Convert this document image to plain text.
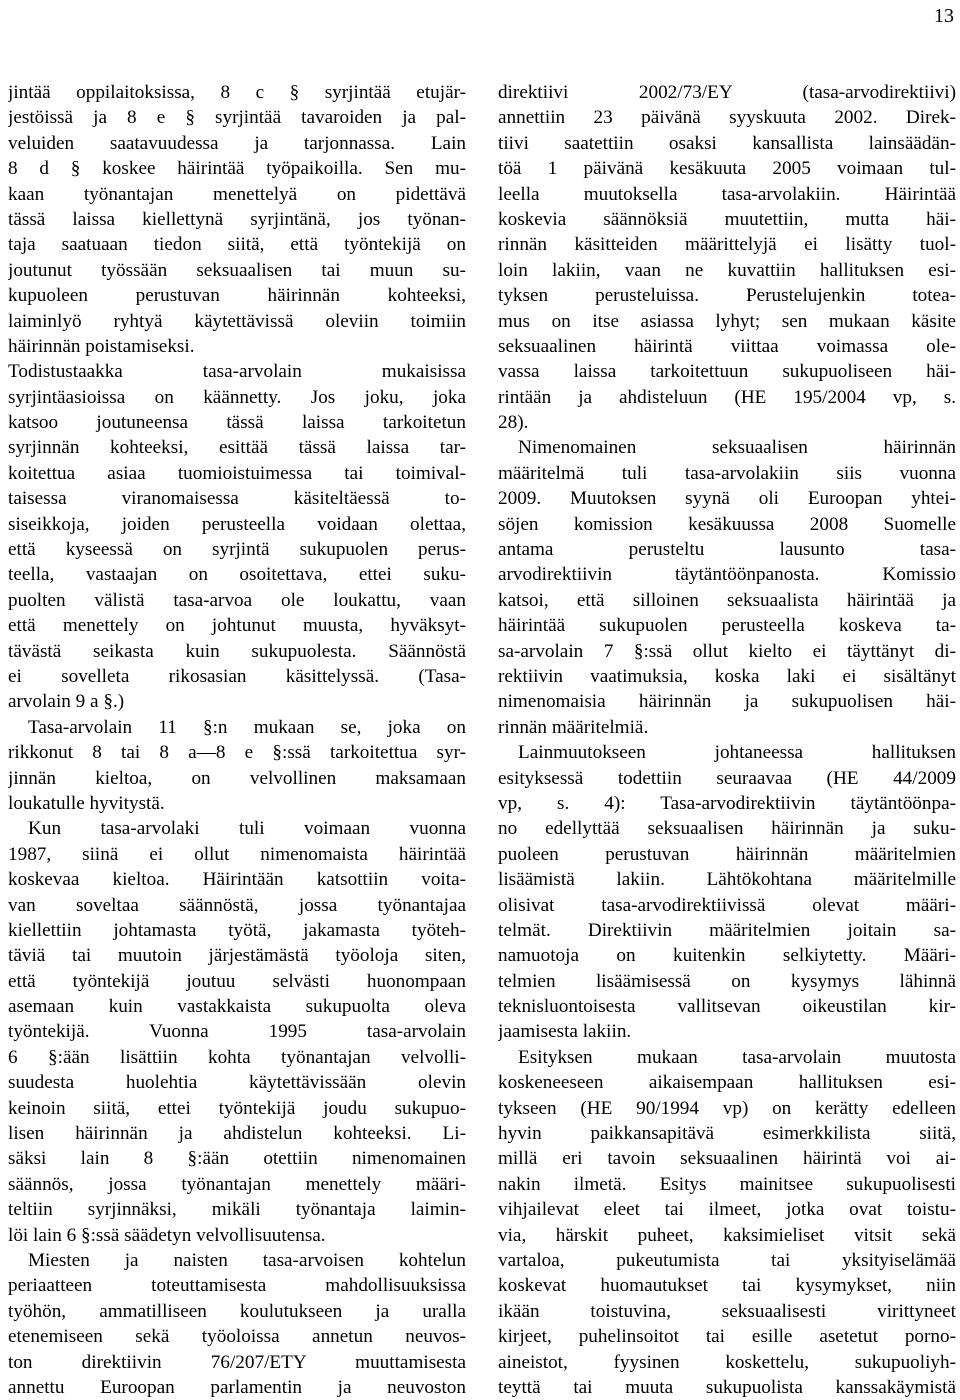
13
jintää oppilaitoksissa, 8 c § syrjintää etujär-
jestöissä ja 8 e § syrjintää tavaroiden ja pal-
veluiden saatavuudessa ja tarjonnassa. Lain
8 d § koskee häirintää työpaikoilla. Sen mu-
kaan työnantajan menettelyä on pidettävä
tässä laissa kiellettynä syrjintänä, jos työnan-
taja saatuaan tiedon siitä, että työntekijä on
joutunut työssään seksuaalisen tai muun su-
kupuoleen perustuvan häirinnän kohteeksi,
laiminlyö ryhtyä käytettävissä oleviin toimiin
häirinnän poistamiseksi.
Todistustaakka tasa-arvolain mukaisissa
syrjintäasioissa on käännetty. Jos joku, joka
katsoo joutuneensa tässä laissa tarkoitetun
syrjinnän kohteeksi, esittää tässä laissa tar-
koitettua asiaa tuomioistuimessa tai toimival-
taisessa viranomaisessa käsiteltäessä to-
siseikkoja, joiden perusteella voidaan olettaa,
että kyseessä on syrjintä sukupuolen perus-
teella, vastaajan on osoitettava, ettei suku-
puolten välistä tasa-arvoa ole loukattu, vaan
että menettely on johtunut muusta, hyväksyt-
tävästä seikasta kuin sukupuolesta. Säännöstä
ei sovelleta rikosasian käsittelyssä. (Tasa-
arvolain 9 a §.)
Tasa-arvolain 11 §:n mukaan se, joka on
rikkonut 8 tai 8 a—8 e §:ssä tarkoitettua syr-
jinnän kieltoa, on velvollinen maksamaan
loukatulle hyvitystä.
Kun tasa-arvolaki tuli voimaan vuonna
1987, siinä ei ollut nimenomaista häirintää
koskevaa kieltoa. Häirintään katsottiin voita-
van soveltaa säännöstä, jossa työnantajaa
kiellettiin johtamasta työtä, jakamasta työteh-
täviä tai muutoin järjestämästä työoloja siten,
että työntekijä joutuu selvästi huonompaan
asemaan kuin vastakkaista sukupuolta oleva
työntekijä. Vuonna 1995 tasa-arvolain
6 §:ään lisättiin kohta työnantajan velvolli-
suudesta huolehtia käytettävissään olevin
keinoin siitä, ettei työntekijä joudu sukupuo-
lisen häirinnän ja ahdistelun kohteeksi. Li-
säksi lain 8 §:ään otettiin nimenomainen
säännös, jossa työnantajan menettely määri-
teltiin syrjinnäksi, mikäli työnantaja laimin-
löi lain 6 §:ssä säädetyn velvollisuutensa.
Miesten ja naisten tasa-arvoisen kohtelun
periaatteen toteuttamisesta mahdollisuuksissa
työhön, ammatilliseen koulutukseen ja uralla
etenemiseen sekä työoloissa annetun neuvos-
ton direktiivin 76/207/ETY muuttamisesta
annettu Euroopan parlamentin ja neuvoston
direktiivi 2002/73/EY (tasa-arvodirektiivi)
annettiin 23 päivänä syyskuuta 2002. Direk-
tiivi saatettiin osaksi kansallista lainsäädän-
töä 1 päivänä kesäkuuta 2005 voimaan tul-
leella muutoksella tasa-arvolakiin. Häirintää
koskevia säännöksiä muutettiin, mutta häi-
rinnän käsitteiden määrittelyjä ei lisätty tuol-
loin lakiin, vaan ne kuvattiin hallituksen esi-
tyksen perusteluissa. Perustelujenkin totea-
mus on itse asiassa lyhyt; sen mukaan käsite
seksuaalinen häirintä viittaa voimassa ole-
vassa laissa tarkoitettuun sukupuoliseen häi-
rintään ja ahdisteluun (HE 195/2004 vp, s.
28).
Nimenomainen seksuaalisen häirinnän
määritelmä tuli tasa-arvolakiin siis vuonna
2009. Muutoksen syynä oli Euroopan yhtei-
söjen komission kesäkuussa 2008 Suomelle
antama perusteltu lausunto tasa-
arvodirektiivin täytäntöönpanosta. Komissio
katsoi, että silloinen seksuaalista häirintää ja
häirintää sukupuolen perusteella koskeva ta-
sa-arvolain 7 §:ssä ollut kielto ei täyttänyt di-
rektiivin vaatimuksia, koska laki ei sisältänyt
nimenomaisia häirinnän ja sukupuolisen häi-
rinnän määritelmiä.
Lainmuutokseen johtaneessa hallituksen
esityksessä todettiin seuraavaa (HE 44/2009
vp, s. 4): Tasa-arvodirektiivin täytäntöönpa-
no edellyttää seksuaalisen häirinnän ja suku-
puoleen perustuvan häirinnän määritelmien
lisäämistä lakiin. Lähtökohtana määritelmille
olisivat tasa-arvodirektiivissä olevat määri-
telmät. Direktiivin määritelmien joitain sa-
namuotoja on kuitenkin selkiytetty. Määri-
telmien lisäämisessä on kysymys lähinnä
teknisluontoisesta vallitsevan oikeustilan kir-
jaamisesta lakiin.
Esityksen mukaan tasa-arvolain muutosta
koskeneeseen aikaisempaan hallituksen esi-
tykseen (HE 90/1994 vp) on kerätty edelleen
hyvin paikkansapitävä esimerkkilista siitä,
millä eri tavoin seksuaalinen häirintä voi ai-
nakin ilmetä. Esitys mainitsee sukupuolisesti
vihjailevat eleet tai ilmeet, jotka ovat toistu-
via, härskit puheet, kaksimieliset vitsit sekä
vartaloa, pukeutumista tai yksityiselämää
koskevat huomautukset tai kysymykset, niin
ikään toistuvina, seksuaalisesti virittyneet
kirjeet, puhelinsoitot tai esille asetetut porno-
aineistot, fyysinen koskettelu, sukupuoliyh-
teyttä tai muuta sukupuolista kanssakäymistä
